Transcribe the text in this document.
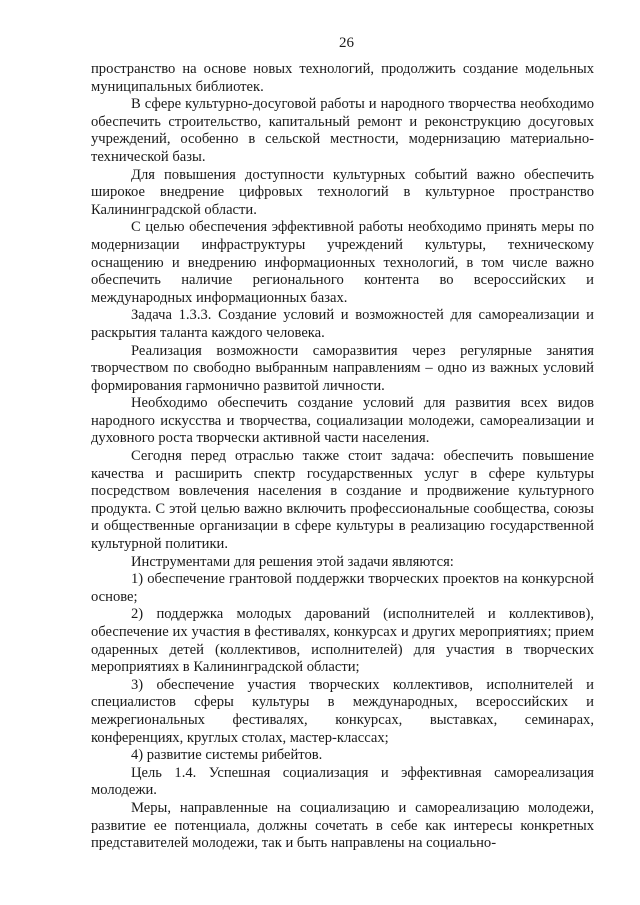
26

пространство на основе новых технологий, продолжить создание модельных муниципальных библиотек.

В сфере культурно-досуговой работы и народного творчества необходимо обеспечить строительство, капитальный ремонт и реконструкцию досуговых учреждений, особенно в сельской местности, модернизацию материально-технической базы.

Для повышения доступности культурных событий важно обеспечить широкое внедрение цифровых технологий в культурное пространство Калининградской области.

С целью обеспечения эффективной работы необходимо принять меры по модернизации инфраструктуры учреждений культуры, техническому оснащению и внедрению информационных технологий, в том числе важно обеспечить наличие регионального контента во всероссийских и международных информационных базах.

Задача 1.3.3. Создание условий и возможностей для самореализации и раскрытия таланта каждого человека.

Реализация возможности саморазвития через регулярные занятия творчеством по свободно выбранным направлениям – одно из важных условий формирования гармонично развитой личности.

Необходимо обеспечить создание условий для развития всех видов народного искусства и творчества, социализации молодежи, самореализации и духовного роста творчески активной части населения.

Сегодня перед отраслью также стоит задача: обеспечить повышение качества и расширить спектр государственных услуг в сфере культуры посредством вовлечения населения в создание и продвижение культурного продукта. С этой целью важно включить профессиональные сообщества, союзы и общественные организации в сфере культуры в реализацию государственной культурной политики.

Инструментами для решения этой задачи являются:

1) обеспечение грантовой поддержки творческих проектов на конкурсной основе;

2) поддержка молодых дарований (исполнителей и коллективов), обеспечение их участия в фестивалях, конкурсах и других мероприятиях; прием одаренных детей (коллективов, исполнителей) для участия в творческих мероприятиях в Калининградской области;

3) обеспечение участия творческих коллективов, исполнителей и специалистов сферы культуры в международных, всероссийских и межрегиональных фестивалях, конкурсах, выставках, семинарах, конференциях, круглых столах, мастер-классах;

4) развитие системы рибейтов.

Цель 1.4. Успешная социализация и эффективная самореализация молодежи.

Меры, направленные на социализацию и самореализацию молодежи, развитие ее потенциала, должны сочетать в себе как интересы конкретных представителей молодежи, так и быть направлены на социально-
